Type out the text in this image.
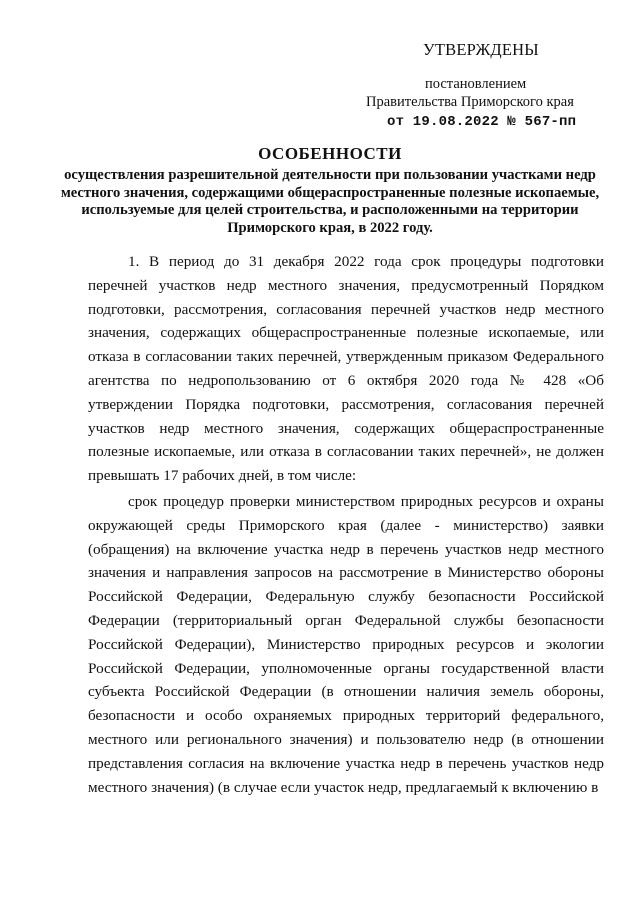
УТВЕРЖДЕНЫ
постановлением
Правительства Приморского края
от 19.08.2022 № 567-пп
ОСОБЕННОСТИ
осуществления разрешительной деятельности при пользовании участками недр местного значения, содержащими общераспространенные полезные ископаемые, используемые для целей строительства, и расположенными на территории Приморского края, в 2022 году.

1. В период до 31 декабря 2022 года срок процедуры подготовки перечней участков недр местного значения, предусмотренный Порядком подготовки, рассмотрения, согласования перечней участков недр местного значения, содержащих общераспространенные полезные ископаемые, или отказа в согласовании таких перечней, утвержденным приказом Федерального агентства по недропользованию от 6 октября 2020 года № 428 «Об утверждении Порядка подготовки, рассмотрения, согласования перечней участков недр местного значения, содержащих общераспространенные полезные ископаемые, или отказа в согласовании таких перечней», не должен превышать 17 рабочих дней, в том числе:

срок процедур проверки министерством природных ресурсов и охраны окружающей среды Приморского края (далее - министерство) заявки (обращения) на включение участка недр в перечень участков недр местного значения и направления запросов на рассмотрение в Министерство обороны Российской Федерации, Федеральную службу безопасности Российской Федерации (территориальный орган Федеральной службы безопасности Российской Федерации), Министерство природных ресурсов и экологии Российской Федерации, уполномоченные органы государственной власти субъекта Российской Федерации (в отношении наличия земель обороны, безопасности и особо охраняемых природных территорий федерального, местного или регионального значения) и пользователю недр (в отношении представления согласия на включение участка недр в перечень участков недр местного значения) (в случае если участок недр, предлагаемый к включению в
